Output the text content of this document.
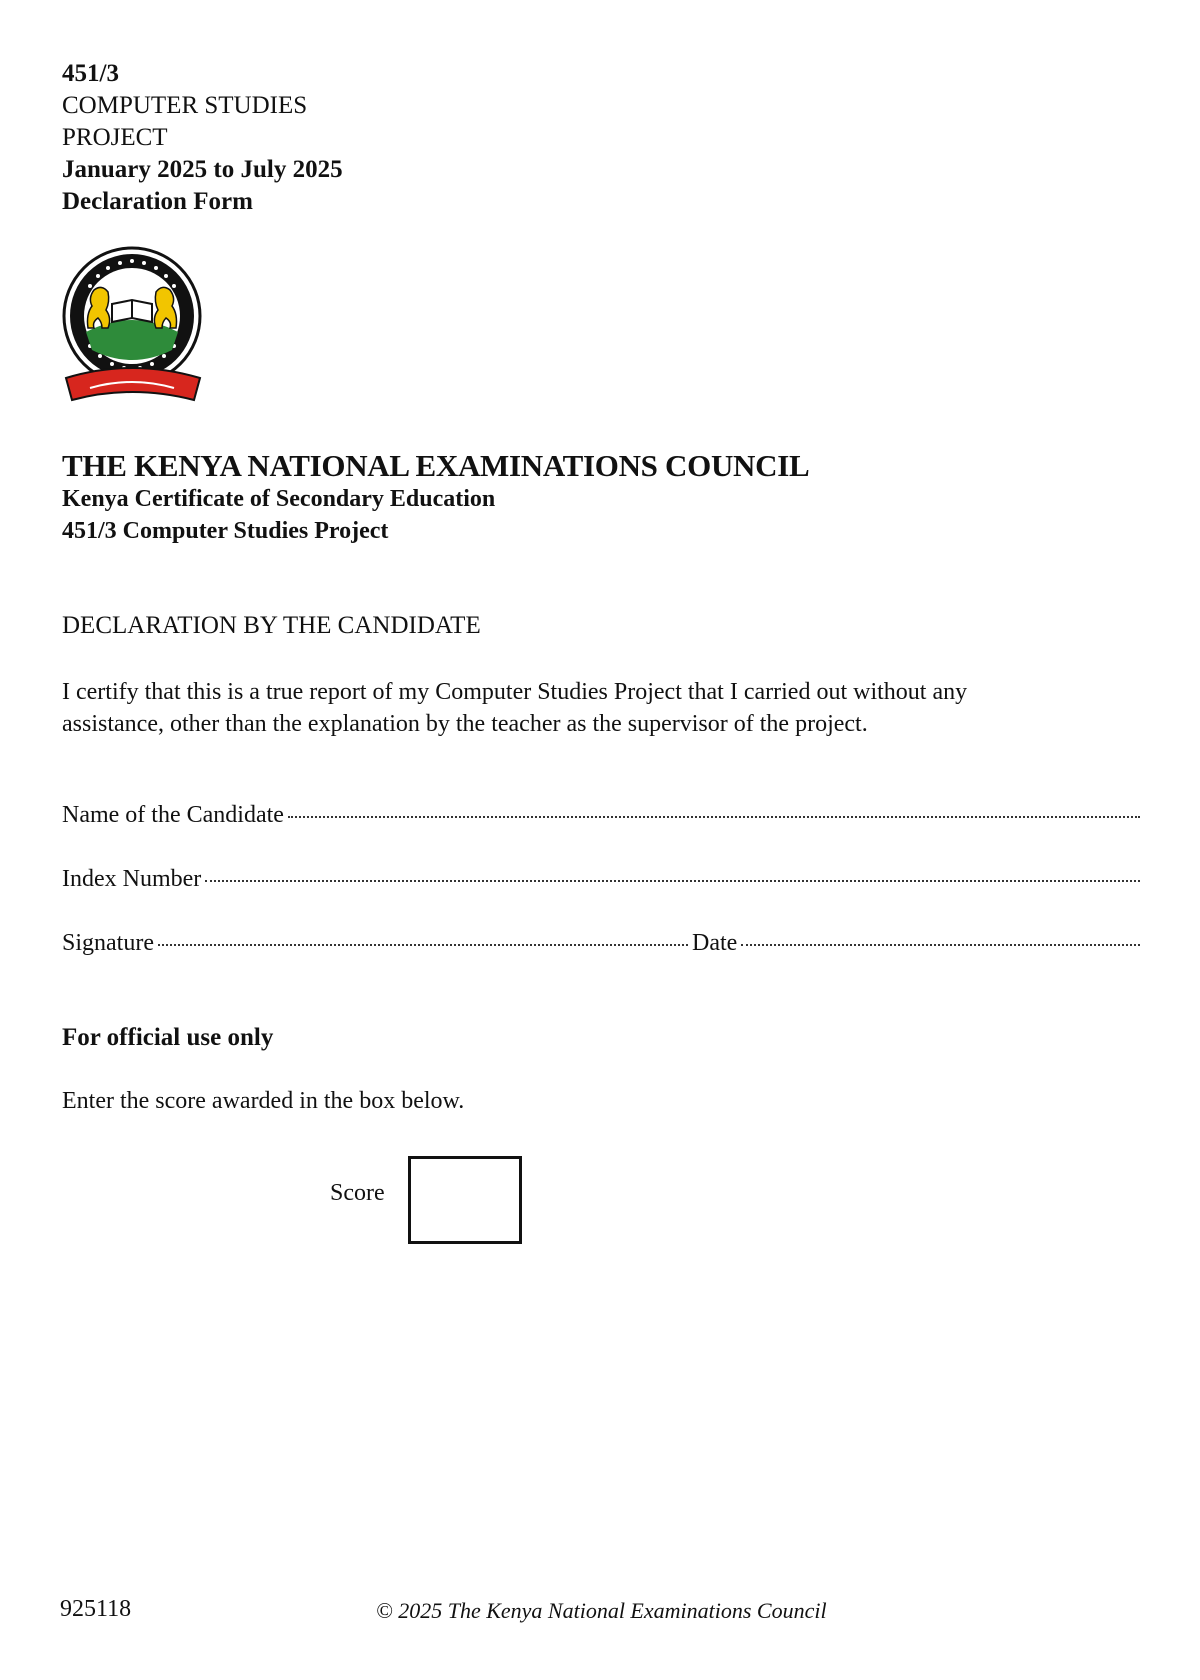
451/3
COMPUTER STUDIES
PROJECT
January 2025 to July 2025
Declaration Form
THE KENYA NATIONAL EXAMINATIONS COUNCIL
Kenya Certificate of Secondary Education
451/3 Computer Studies Project
DECLARATION BY THE CANDIDATE
I certify that this is a true report of my Computer Studies Project that I carried out without any
assistance, other than the explanation by the teacher as the supervisor of the project.
Name of the Candidate
Index Number
Signature	Date
For official use only
Enter the score awarded in the box below.
Score
925118	© 2025 The Kenya National Examinations Council
